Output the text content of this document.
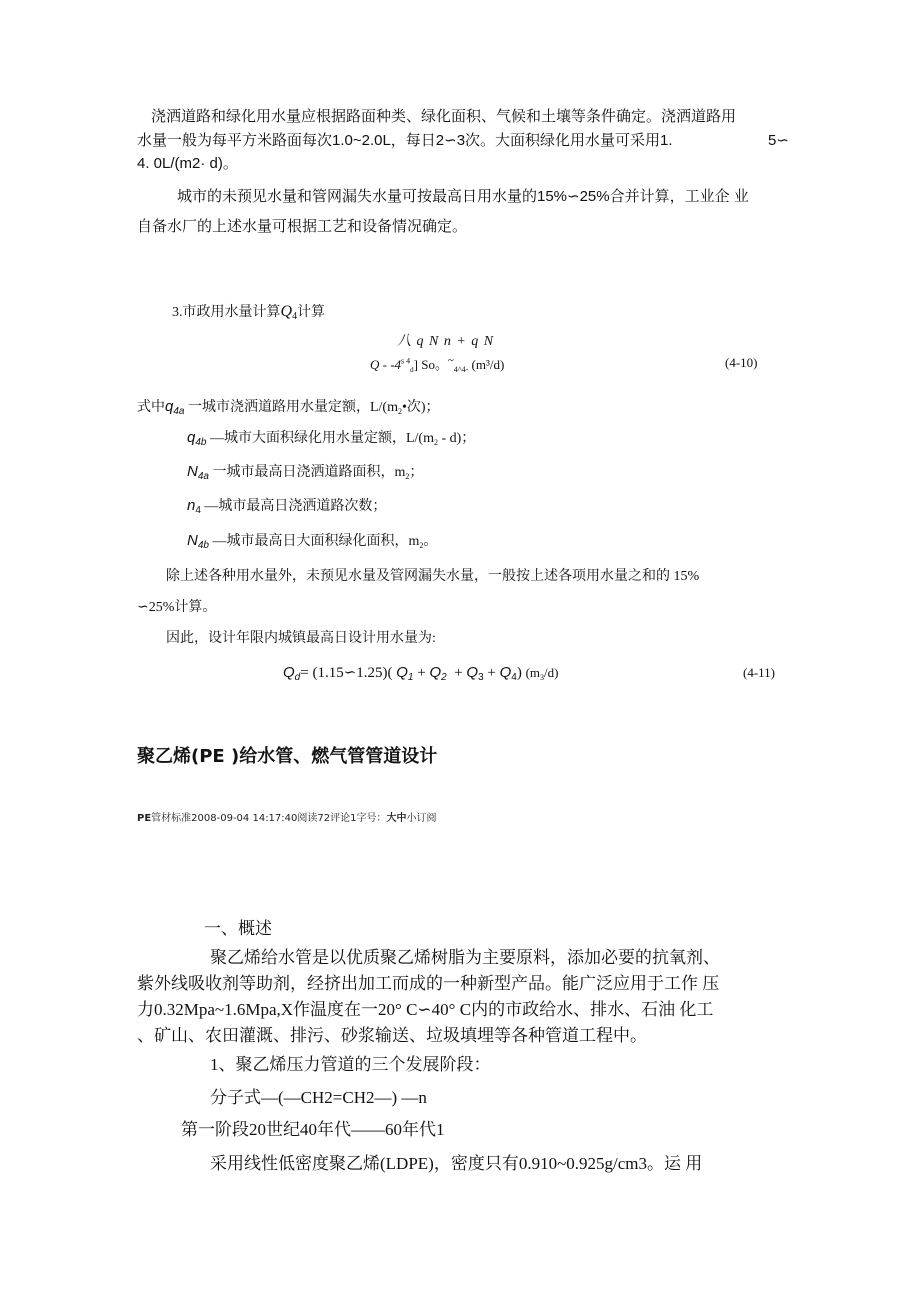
浇洒道路和绿化用水量应根据路面种类、绿化面积、气候和土壤等条件确定。浇洒道路用
水量一般为每平方米路面每次1.0~2.0L，每日2∽3次。大面积绿化用水量可采用1.	5∽
4. 0L/(m2· d)。
城市的未预见水量和管网漏失水量可按最高日用水量的15%∽25%合并计算，工业企 业
自备水厂的上述水量可根据工艺和设备情况确定。
3.市政用水量计算$Q_4$计算
八 q N n + q N
Q - $-4^{s 4}_d$] So。~$_{4\^{}4-}$ (m³/d)	(4-10)
式中$q_{4a}$ 一城市浇洒道路用水量定额，$L/(m_2•$次)；
$q_{4b}$ —城市大面积绿化用水量定额，$L/(m_2 - d)$；
$N_{4a}$ 一城市最高日浇洒道路面积，$m_2$；
$n_4$ —城市最高日浇洒道路次数；
$N_{4b}$ —城市最高日大面积绿化面积，$m_2$。
除上述各种用水量外，未预见水量及管网漏失水量，一般按上述各项用水量之和的 15%
∽25%计算。
因此，设计年限内城镇最高日设计用水量为:
$Q_d=$ (1.15∽1.25)( $Q_1 + Q_2 + Q_3 + Q_4$) $(m_3/d)$	(4-11)
聚乙烯(PE )给水管、燃气管管道设计
PE管材标准2008-09-04 14:17:40阅读72评论1字号：大中小订阅
一、概述
聚乙烯给水管是以优质聚乙烯树脂为主要原料，添加必要的抗氧剂、
紫外线吸收剂等助剂，经挤出加工而成的一种新型产品。能广泛应用于工作 压
力0.32Mpa~1.6Mpa,X作温度在一20° C∽40° C内的市政给水、排水、石油 化工
、矿山、农田灌溉、排污、砂浆输送、垃圾填埋等各种管道工程中。
1、聚乙烯压力管道的三个发展阶段：
分子式—(—CH2=CH2—) —n
第一阶段20世纪40年代——60年代1
采用线性低密度聚乙烯(LDPE)，密度只有0.910~0.925g/cm3。运 用
